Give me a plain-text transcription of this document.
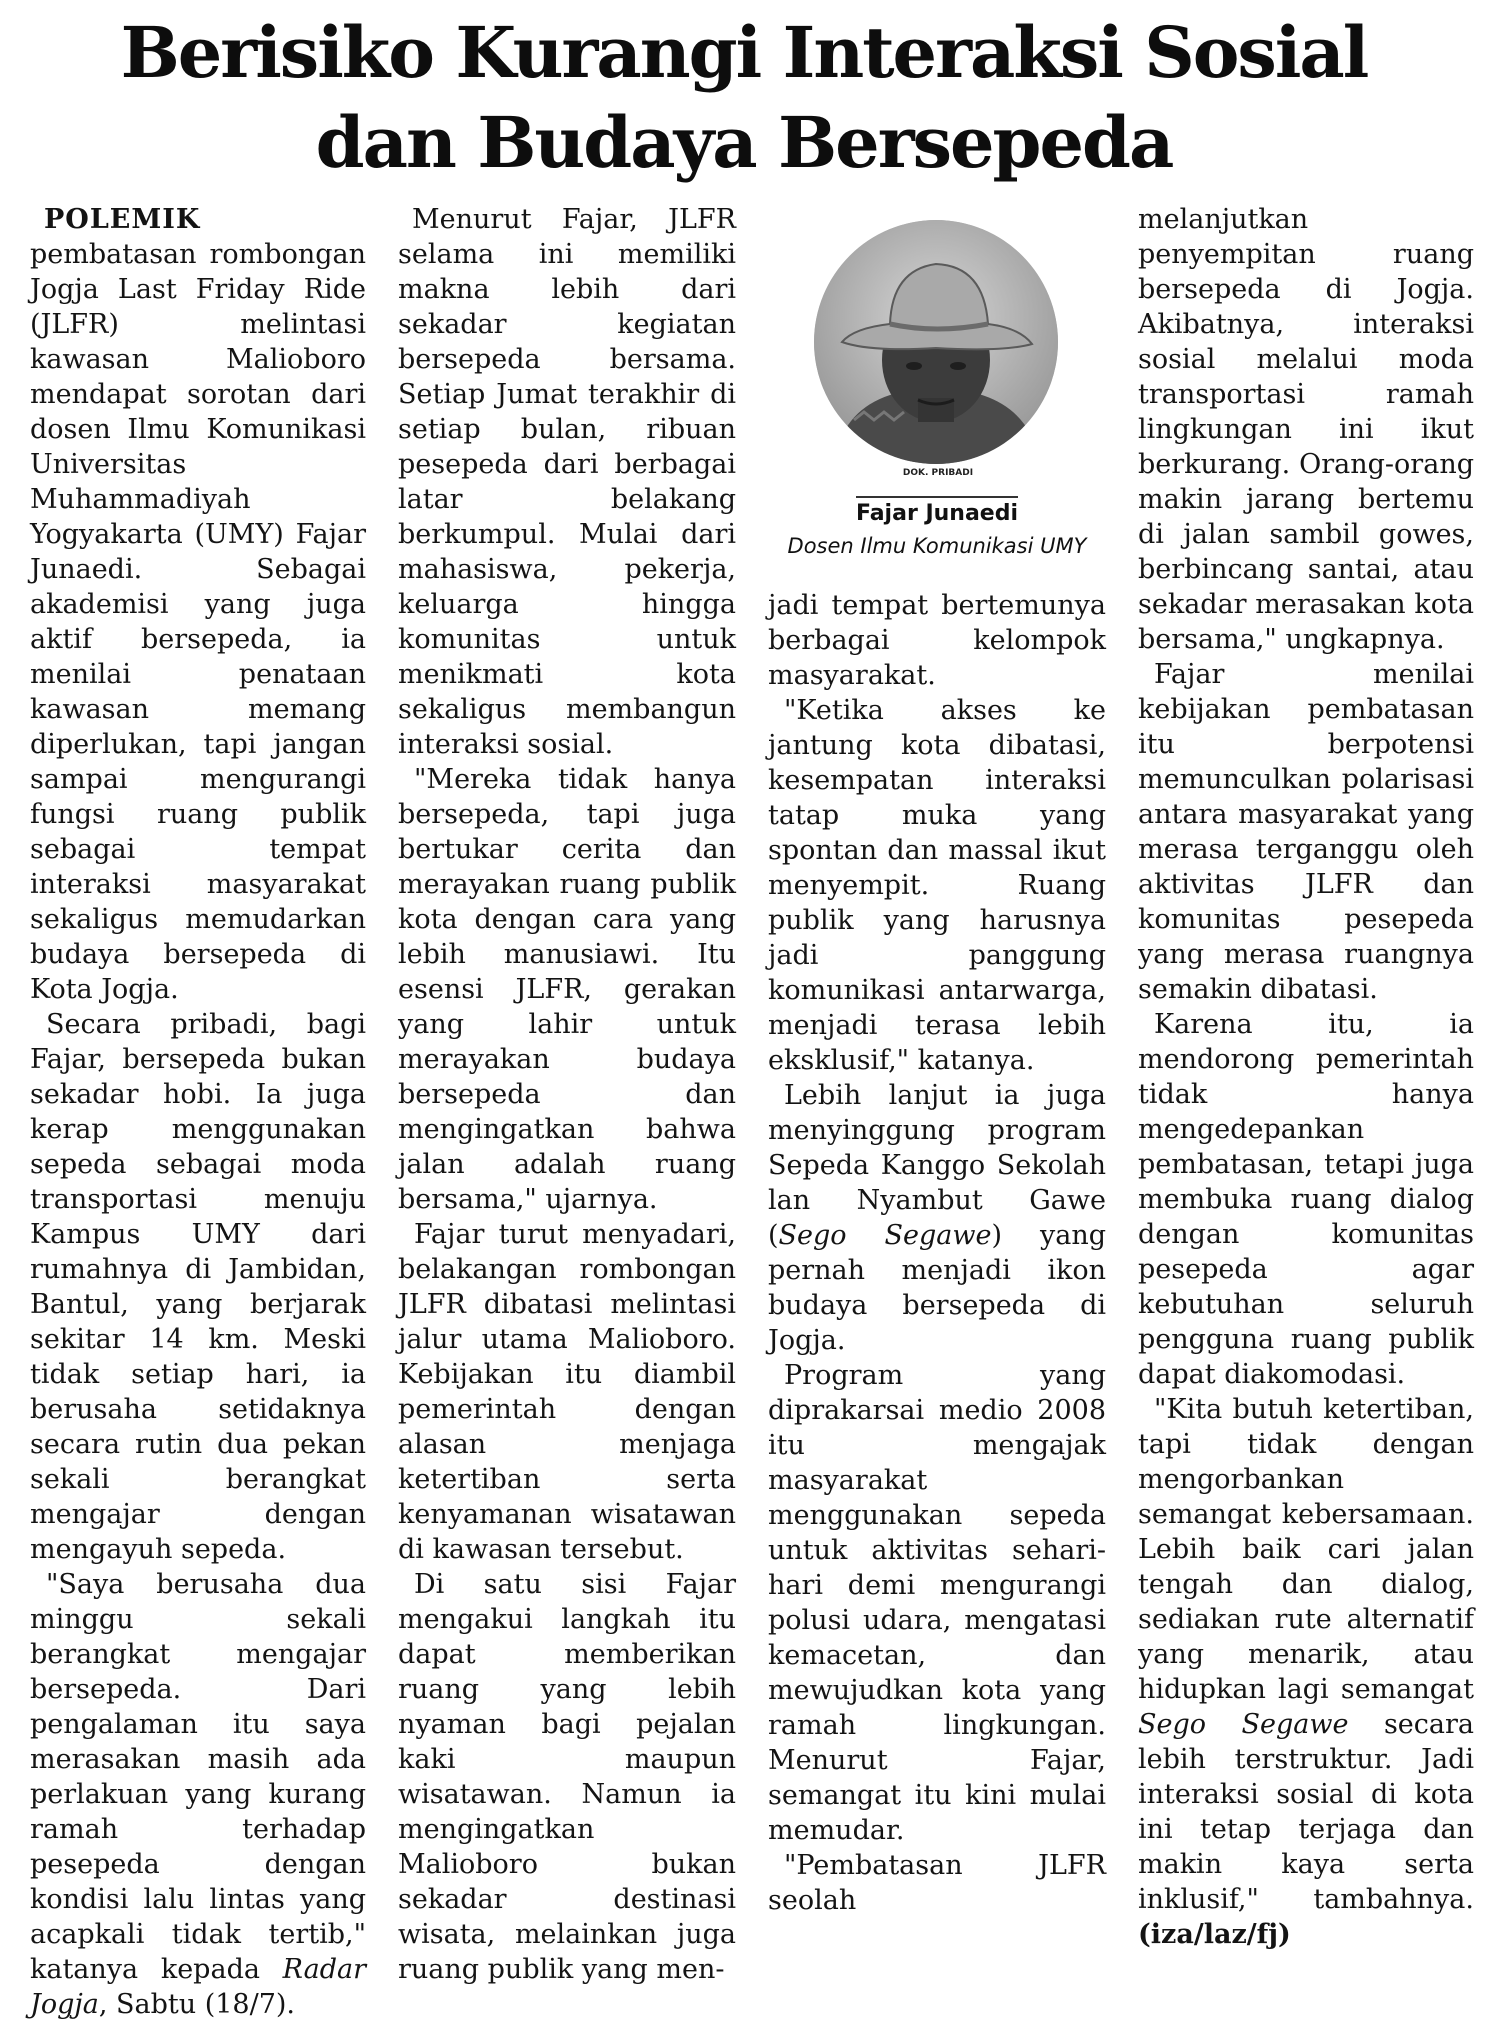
Berisiko Kurangi Interaksi Sosial
dan Budaya Bersepeda

POLEMIK pembatasan rombongan Jogja Last Friday Ride (JLFR) melintasi kawasan Malioboro mendapat sorotan dari dosen Ilmu Komunikasi Universitas Muhammadiyah Yogyakarta (UMY) Fajar Junaedi. Sebagai akademisi yang juga aktif bersepeda, ia menilai penataan kawasan memang diperlukan, tapi jangan sampai mengurangi fungsi ruang publik sebagai tempat interaksi masyarakat sekaligus memudarkan budaya bersepeda di Kota Jogja.

Secara pribadi, bagi Fajar, bersepeda bukan sekadar hobi. Ia juga kerap menggunakan sepeda sebagai moda transportasi menuju Kampus UMY dari rumahnya di Jambidan, Bantul, yang berjarak sekitar 14 km. Meski tidak setiap hari, ia berusaha setidaknya secara rutin dua pekan sekali berangkat mengajar dengan mengayuh sepeda.

"Saya berusaha dua minggu sekali berangkat mengajar bersepeda. Dari pengalaman itu saya merasakan masih ada perlakuan yang kurang ramah terhadap pesepeda dengan kondisi lalu lintas yang acapkali tidak tertib," katanya kepada Radar Jogja, Sabtu (18/7).

Menurut Fajar, JLFR selama ini memiliki makna lebih dari sekadar kegiatan bersepeda bersama. Setiap Jumat terakhir di setiap bulan, ribuan pesepeda dari berbagai latar belakang berkumpul. Mulai dari mahasiswa, pekerja, keluarga hingga komunitas untuk menikmati kota sekaligus membangun interaksi sosial.

"Mereka tidak hanya bersepeda, tapi juga bertukar cerita dan merayakan ruang publik kota dengan cara yang lebih manusiawi. Itu esensi JLFR, gerakan yang lahir untuk merayakan budaya bersepeda dan mengingatkan bahwa jalan adalah ruang bersama," ujarnya.

Fajar turut menyadari, belakangan rombongan JLFR dibatasi melintasi jalur utama Malioboro. Kebijakan itu diambil pemerintah dengan alasan menjaga ketertiban serta kenyamanan wisatawan di kawasan tersebut.

Di satu sisi Fajar mengakui langkah itu dapat memberikan ruang yang lebih nyaman bagi pejalan kaki maupun wisatawan. Namun ia mengingatkan Malioboro bukan sekadar destinasi wisata, melainkan juga ruang publik yang men-

DOK. PRIBADI
Fajar Junaedi
Dosen Ilmu Komunikasi UMY

jadi tempat bertemunya berbagai kelompok masyarakat.

"Ketika akses ke jantung kota dibatasi, kesempatan interaksi tatap muka yang spontan dan massal ikut menyempit. Ruang publik yang harusnya jadi panggung komunikasi antarwarga, menjadi terasa lebih eksklusif," katanya.

Lebih lanjut ia juga menyinggung program Sepeda Kanggo Sekolah lan Nyambut Gawe (Sego Segawe) yang pernah menjadi ikon budaya bersepeda di Jogja.

Program yang diprakarsai medio 2008 itu mengajak masyarakat menggunakan sepeda untuk aktivitas sehari-hari demi mengurangi polusi udara, mengatasi kemacetan, dan mewujudkan kota yang ramah lingkungan. Menurut Fajar, semangat itu kini mulai memudar.

"Pembatasan JLFR seolah

melanjutkan penyempitan ruang bersepeda di Jogja. Akibatnya, interaksi sosial melalui moda transportasi ramah lingkungan ini ikut berkurang. Orang-orang makin jarang bertemu di jalan sambil gowes, berbincang santai, atau sekadar merasakan kota bersama," ungkapnya.

Fajar menilai kebijakan pembatasan itu berpotensi memunculkan polarisasi antara masyarakat yang merasa terganggu oleh aktivitas JLFR dan komunitas pesepeda yang merasa ruangnya semakin dibatasi.

Karena itu, ia mendorong pemerintah tidak hanya mengedepankan pembatasan, tetapi juga membuka ruang dialog dengan komunitas pesepeda agar kebutuhan seluruh pengguna ruang publik dapat diakomodasi.

"Kita butuh ketertiban, tapi tidak dengan mengorbankan semangat kebersamaan. Lebih baik cari jalan tengah dan dialog, sediakan rute alternatif yang menarik, atau hidupkan lagi semangat Sego Segawe secara lebih terstruktur. Jadi interaksi sosial di kota ini tetap terjaga dan makin kaya serta inklusif," tambahnya. (iza/laz/fj)
